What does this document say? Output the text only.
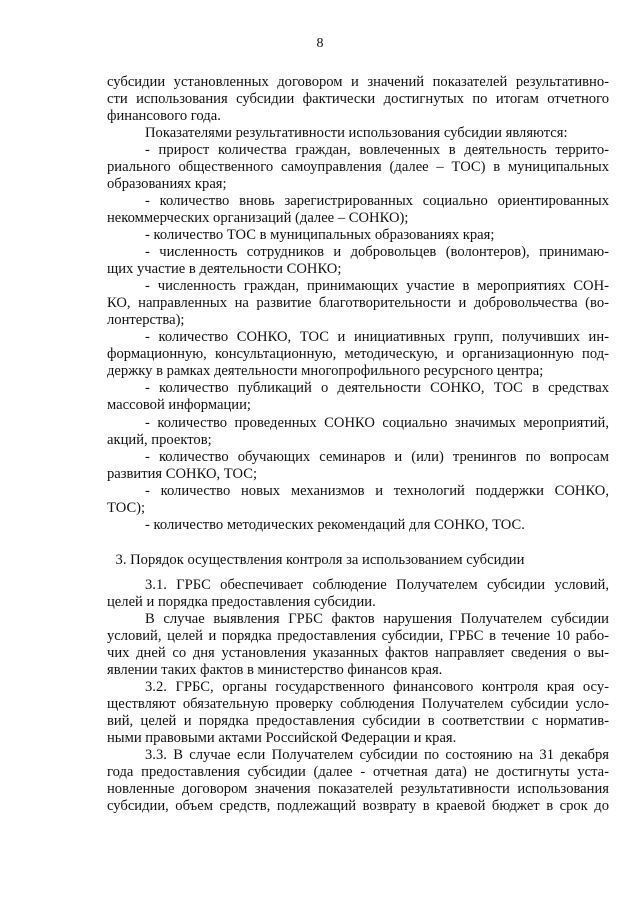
8
субсидии установленных договором и значений показателей результативно-
сти использования субсидии фактически достигнутых по итогам отчетного
финансового года.
Показателями результативности использования субсидии являются:
- прирост количества граждан, вовлеченных в деятельность террито-
риального общественного самоуправления (далее – ТОС) в муниципальных
образованиях края;
- количество вновь зарегистрированных социально ориентированных
некоммерческих организаций (далее – СОНКО);
- количество ТОС в муниципальных образованиях края;
- численность сотрудников и добровольцев (волонтеров), принимаю-
щих участие в деятельности СОНКО;
- численность граждан, принимающих участие в мероприятиях СОН-
КО, направленных на развитие благотворительности и добровольчества (во-
лонтерства);
- количество СОНКО, ТОС и инициативных групп, получивших ин-
формационную, консультационную, методическую, и организационную под-
держку в рамках деятельности многопрофильного ресурсного центра;
- количество публикаций о деятельности СОНКО, ТОС в средствах
массовой информации;
- количество проведенных СОНКО социально значимых мероприятий,
акций, проектов;
- количество обучающих семинаров и (или) тренингов по вопросам
развития СОНКО, ТОС;
- количество новых механизмов и технологий поддержки СОНКО,
ТОС);
- количество методических рекомендаций для СОНКО, ТОС.
3. Порядок осуществления контроля за использованием субсидии
3.1. ГРБС обеспечивает соблюдение Получателем субсидии условий,
целей и порядка предоставления субсидии.
В случае выявления ГРБС фактов нарушения Получателем субсидии
условий, целей и порядка предоставления субсидии, ГРБС в течение 10 рабо-
чих дней со дня установления указанных фактов направляет сведения о вы-
явлении таких фактов в министерство финансов края.
3.2. ГРБС, органы государственного финансового контроля края осу-
ществляют обязательную проверку соблюдения Получателем субсидии усло-
вий, целей и порядка предоставления субсидии в соответствии с норматив-
ными правовыми актами Российской Федерации и края.
3.3. В случае если Получателем субсидии по состоянию на 31 декабря
года предоставления субсидии (далее - отчетная дата) не достигнуты уста-
новленные договором значения показателей результативности использования
субсидии, объем средств, подлежащий возврату в краевой бюджет в срок до
